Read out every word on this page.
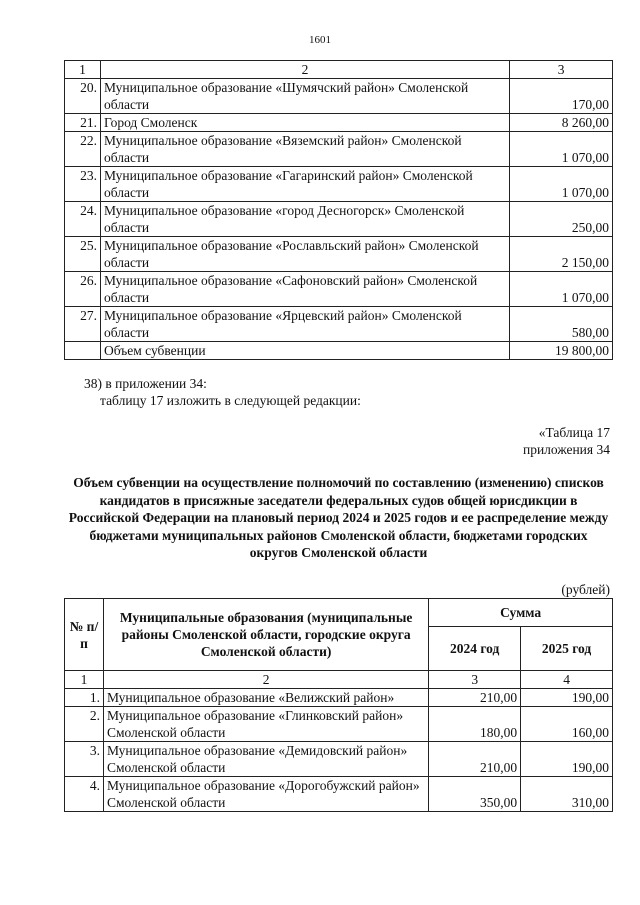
1601
1	2	3
20.	Муниципальное образование «Шумячский район» Смоленской области	170,00
21.	Город Смоленск	8 260,00
22.	Муниципальное образование «Вяземский район» Смоленской области	1 070,00
23.	Муниципальное образование «Гагаринский район» Смоленской области	1 070,00
24.	Муниципальное образование «город Десногорск» Смоленской области	250,00
25.	Муниципальное образование «Рославльский район» Смоленской области	2 150,00
26.	Муниципальное образование «Сафоновский район» Смоленской области	1 070,00
27.	Муниципальное образование «Ярцевский район» Смоленской области	580,00
	Объем субвенции	19 800,00
38) в приложении 34:
таблицу 17 изложить в следующей редакции:
«Таблица 17
приложения 34
Объем субвенции на осуществление полномочий по составлению (изменению) списков кандидатов в присяжные заседатели федеральных судов общей юрисдикции в Российской Федерации на плановый период 2024 и 2025 годов и ее распределение между бюджетами муниципальных районов Смоленской области, бюджетами городских округов Смоленской области
(рублей)
№ п/п	Муниципальные образования (муниципальные районы Смоленской области, городские округа Смоленской области)	Сумма	
		2024 год	2025 год
1	2	3	4
1.	Муниципальное образование «Велижский район»	210,00	190,00
2.	Муниципальное образование «Глинковский район» Смоленской области	180,00	160,00
3.	Муниципальное образование «Демидовский район» Смоленской области	210,00	190,00
4.	Муниципальное образование «Дорогобужский район» Смоленской области	350,00	310,00
